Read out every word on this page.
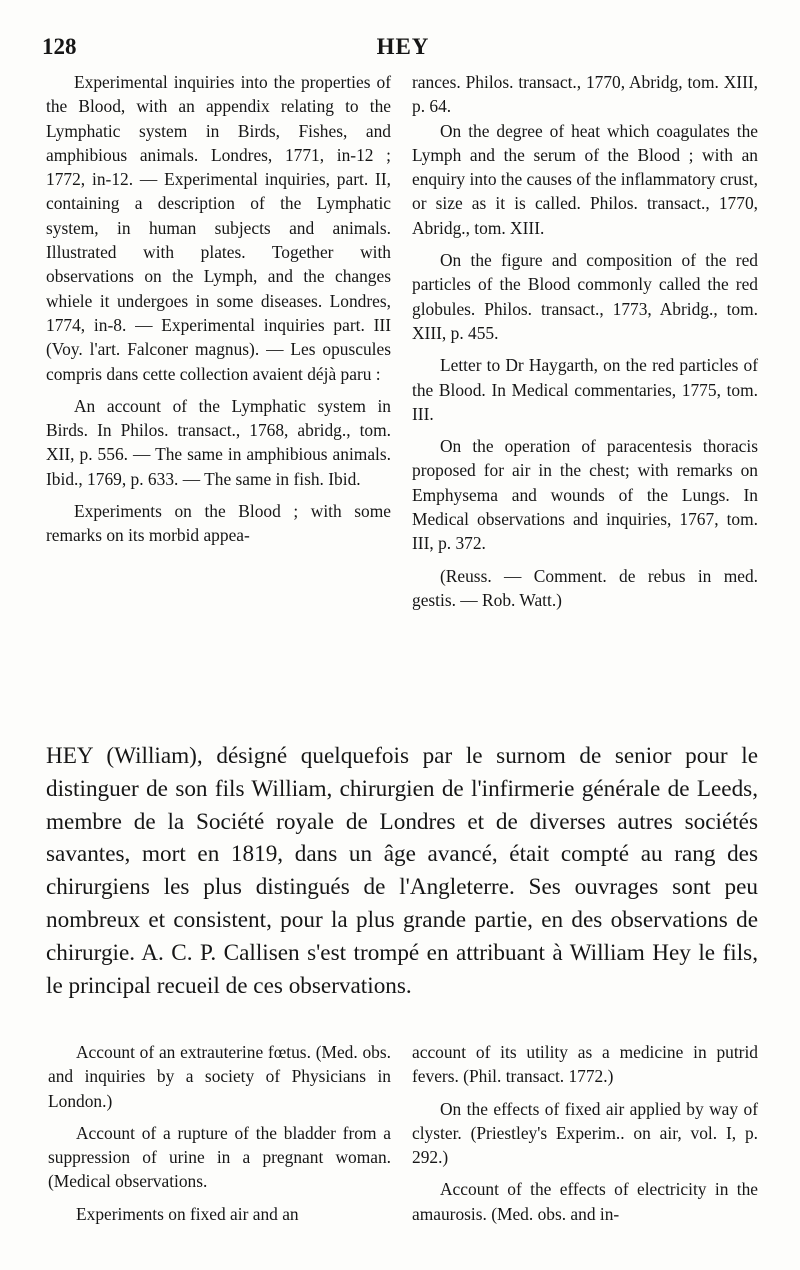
128	HEY

Experimental inquiries into the properties of the Blood, with an appendix relating to the Lymphatic system in Birds, Fishes, and amphibious animals. Londres, 1771, in-12 ; 1772, in-12. — Experimental inquiries, part. II, containing a description of the Lymphatic system, in human subjects and animals. Illustrated with plates. Together with observations on the Lymph, and the changes whiele it undergoes in some diseases. Londres, 1774, in-8. — Experimental inquiries part. III (Voy. l'art. Falconer magnus). — Les opuscules compris dans cette collection avaient déjà paru :

An account of the Lymphatic system in Birds. In Philos. transact., 1768, abridg., tom. XII, p. 556. — The same in amphibious animals. Ibid., 1769, p. 633. — The same in fish. Ibid.

Experiments on the Blood ; with some remarks on its morbid appea-

rances. Philos. transact., 1770, Abridg, tom. XIII, p. 64.

On the degree of heat which coagulates the Lymph and the serum of the Blood ; with an enquiry into the causes of the inflammatory crust, or size as it is called. Philos. transact., 1770, Abridg., tom. XIII.

On the figure and composition of the red particles of the Blood commonly called the red globules. Philos. transact., 1773, Abridg., tom. XIII, p. 455.

Letter to Dr Haygarth, on the red particles of the Blood. In Medical commentaries, 1775, tom. III.

On the operation of paracentesis thoracis proposed for air in the chest; with remarks on Emphysema and wounds of the Lungs. In Medical observations and inquiries, 1767, tom. III, p. 372.

(Reuss. — Comment. de rebus in med. gestis. — Rob. Watt.)

HEY (William), désigné quelquefois par le surnom de senior pour le distinguer de son fils William, chirurgien de l'infirmerie générale de Leeds, membre de la Société royale de Londres et de diverses autres sociétés savantes, mort en 1819, dans un âge avancé, était compté au rang des chirurgiens les plus distingués de l'Angleterre. Ses ouvrages sont peu nombreux et consistent, pour la plus grande partie, en des observations de chirurgie. A. C. P. Callisen s'est trompé en attribuant à William Hey le fils, le principal recueil de ces observations.

Account of an extrauterine fœtus. (Med. obs. and inquiries by a society of Physicians in London.)

Account of a rupture of the bladder from a suppression of urine in a pregnant woman. (Medical observations.

Experiments on fixed air and an

account of its utility as a medicine in putrid fevers. (Phil. transact. 1772.)

On the effects of fixed air applied by way of clyster. (Priestley's Experim.. on air, vol. I, p. 292.)

Account of the effects of electricity in the amaurosis. (Med. obs. and in-
